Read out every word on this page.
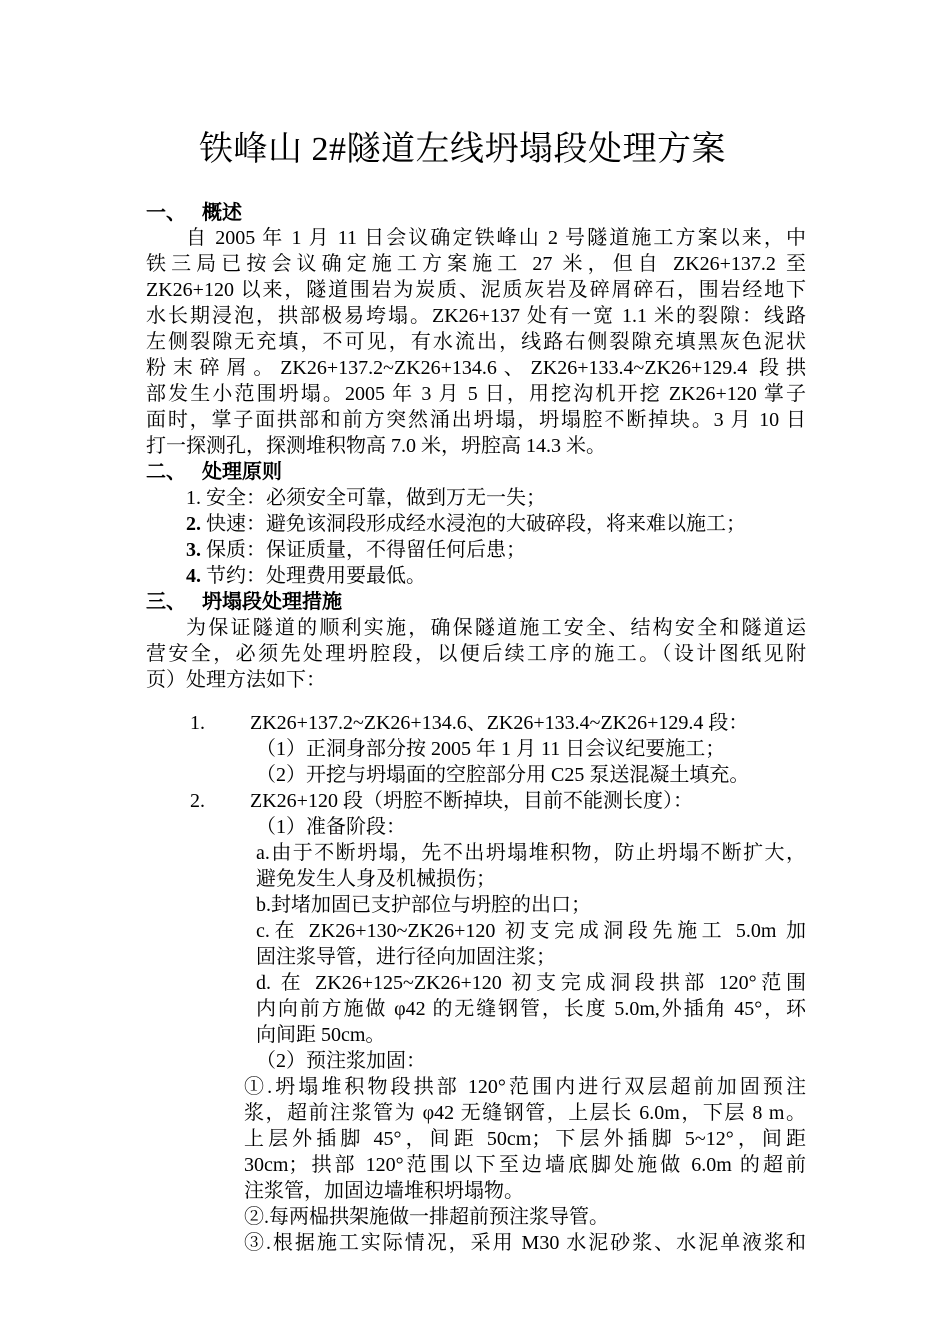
铁峰山 2#隧道左线坍塌段处理方案
一、 概述
自 2005 年 1 月 11 日会议确定铁峰山 2 号隧道施工方案以来，中
铁三局已按会议确定施工方案施工 27 米，但自 ZK26+137.2 至
ZK26+120 以来，隧道围岩为炭质、泥质灰岩及碎屑碎石，围岩经地下
水长期浸泡，拱部极易垮塌。ZK26+137 处有一宽 1.1 米的裂隙：线路
左侧裂隙无充填，不可见，有水流出，线路右侧裂隙充填黑灰色泥状
粉末碎屑。ZK26+137.2~ZK26+134.6、ZK26+133.4~ZK26+129.4 段拱
部发生小范围坍塌。2005 年 3 月 5 日，用挖沟机开挖 ZK26+120 掌子
面时，掌子面拱部和前方突然涌出坍塌，坍塌腔不断掉块。3 月 10 日
打一探测孔，探测堆积物高 7.0 米，坍腔高 14.3 米。
二、 处理原则
1. 安全：必须安全可靠，做到万无一失；
2. 快速：避免该洞段形成经水浸泡的大破碎段，将来难以施工；
3. 保质：保证质量，不得留任何后患；
4. 节约：处理费用要最低。
三、 坍塌段处理措施
为保证隧道的顺利实施，确保隧道施工安全、结构安全和隧道运
营安全，必须先处理坍腔段，以便后续工序的施工。（设计图纸见附
页）处理方法如下：
1. ZK26+137.2~ZK26+134.6、ZK26+133.4~ZK26+129.4 段：
（1）正洞身部分按 2005 年 1 月 11 日会议纪要施工；
（2）开挖与坍塌面的空腔部分用 C25 泵送混凝土填充。
2. ZK26+120 段（坍腔不断掉块，目前不能测长度）：
（1）准备阶段：
a.由于不断坍塌，先不出坍塌堆积物，防止坍塌不断扩大，
避免发生人身及机械损伤；
b.封堵加固已支护部位与坍腔的出口；
c.在 ZK26+130~ZK26+120 初支完成洞段先施工 5.0m 加
固注浆导管，进行径向加固注浆；
d. 在 ZK26+125~ZK26+120 初支完成洞段拱部 120°范围
内向前方施做 φ42 的无缝钢管，长度 5.0m,外插角 45°，环
向间距 50cm。
（2）预注浆加固：
①.坍塌堆积物段拱部 120°范围内进行双层超前加固预注
浆，超前注浆管为 φ42 无缝钢管，上层长 6.0m，下层 8 m。
上层外插脚 45°，间距 50cm；下层外插脚 5~12°，间距
30cm；拱部 120°范围以下至边墙底脚处施做 6.0m 的超前
注浆管，加固边墙堆积坍塌物。
②.每两榀拱架施做一排超前预注浆导管。
③.根据施工实际情况，采用 M30 水泥砂浆、水泥单液浆和
